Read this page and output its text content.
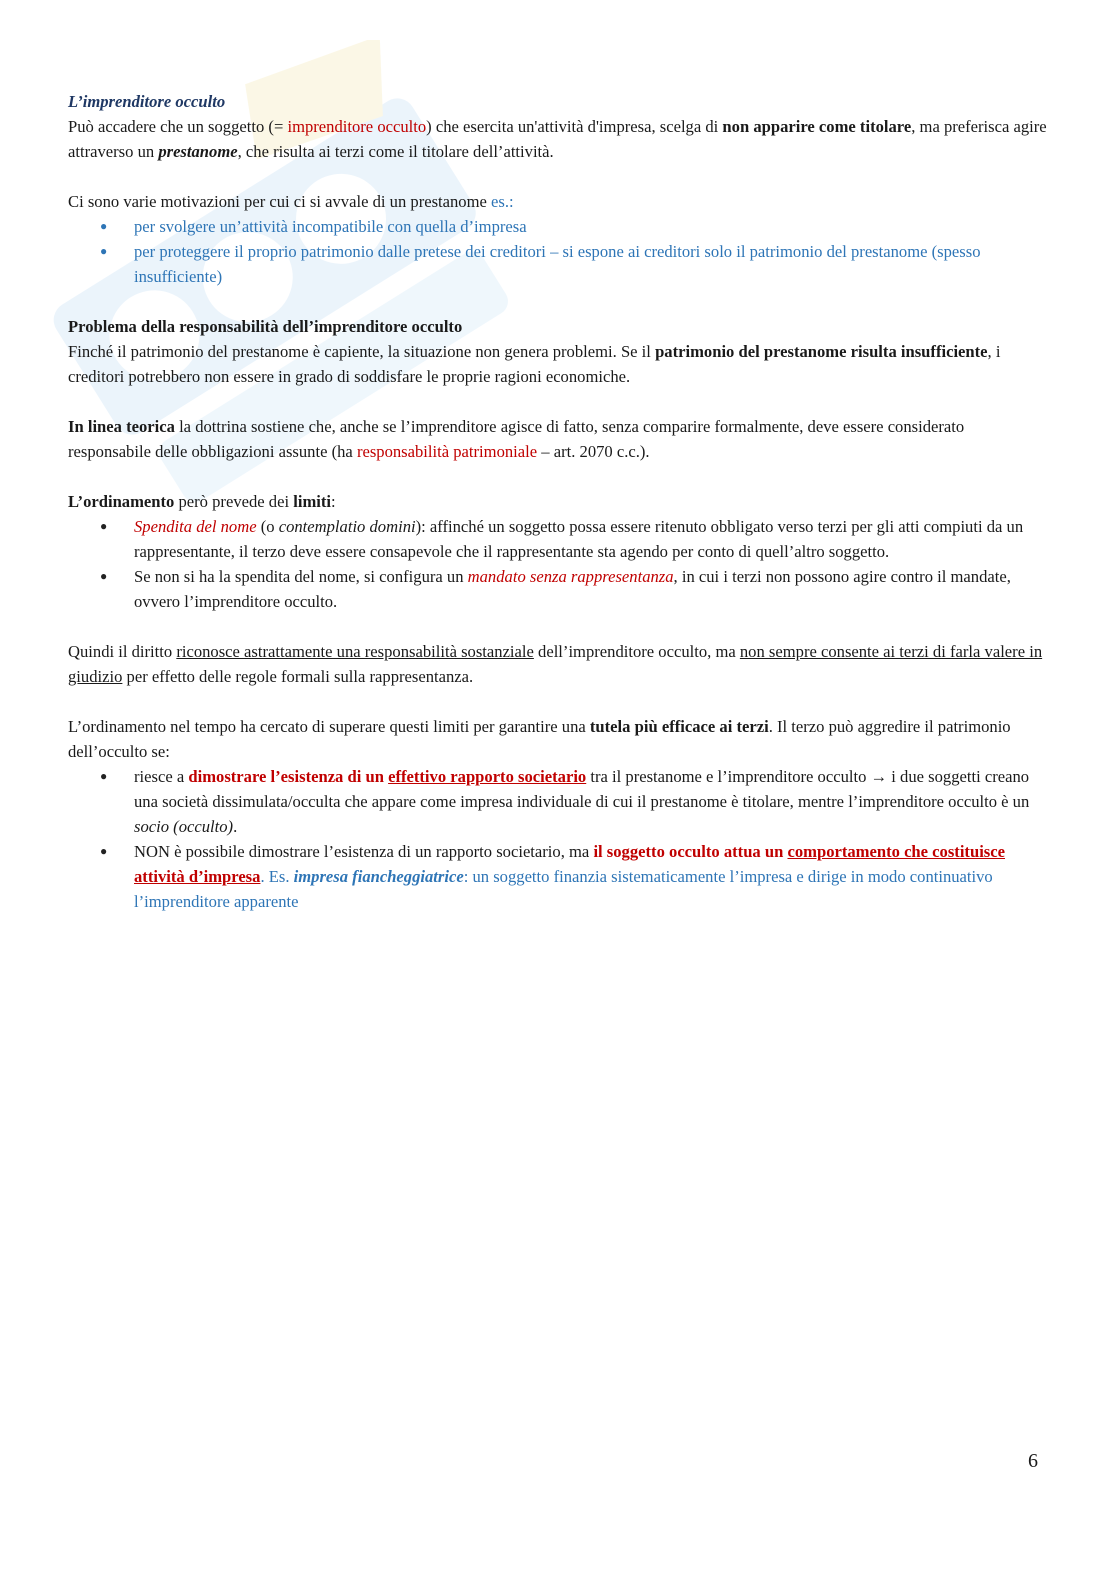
L’imprenditore occulto

Può accadere che un soggetto (= imprenditore occulto) che esercita un'attività d'impresa, scelga di non apparire come titolare, ma preferisca agire attraverso un prestanome, che risulta ai terzi come il titolare dell’attività.

Ci sono varie motivazioni per cui ci si avvale di un prestanome es.:

● per svolgere un’attività incompatibile con quella d’impresa
● per proteggere il proprio patrimonio dalle pretese dei creditori – si espone ai creditori solo il patrimonio del prestanome (spesso insufficiente)

Problema della responsabilità dell’imprenditore occulto

Finché il patrimonio del prestanome è capiente, la situazione non genera problemi. Se il patrimonio del prestanome risulta insufficiente, i creditori potrebbero non essere in grado di soddisfare le proprie ragioni economiche.

In linea teorica la dottrina sostiene che, anche se l’imprenditore agisce di fatto, senza comparire formalmente, deve essere considerato responsabile delle obbligazioni assunte (ha responsabilità patrimoniale – art. 2070 c.c.).

L’ordinamento però prevede dei limiti:

● Spendita del nome (o contemplatio domini): affinché un soggetto possa essere ritenuto obbligato verso terzi per gli atti compiuti da un rappresentante, il terzo deve essere consapevole che il rappresentante sta agendo per conto di quell’altro soggetto.
● Se non si ha la spendita del nome, si configura un mandato senza rappresentanza, in cui i terzi non possono agire contro il mandate, ovvero l’imprenditore occulto.

Quindi il diritto riconosce astrattamente una responsabilità sostanziale dell’imprenditore occulto, ma non sempre consente ai terzi di farla valere in giudizio per effetto delle regole formali sulla rappresentanza.

L’ordinamento nel tempo ha cercato di superare questi limiti per garantire una tutela più efficace ai terzi. Il terzo può aggredire il patrimonio dell’occulto se:

● riesce a dimostrare l’esistenza di un effettivo rapporto societario tra il prestanome e l’imprenditore occulto → i due soggetti creano una società dissimulata/occulta che appare come impresa individuale di cui il prestanome è titolare, mentre l’imprenditore occulto è un socio (occulto).
● NON è possibile dimostrare l’esistenza di un rapporto societario, ma il soggetto occulto attua un comportamento che costituisce attività d’impresa. Es. impresa fiancheggiatrice: un soggetto finanzia sistematicamente l’impresa e dirige in modo continuativo l’imprenditore apparente
6
